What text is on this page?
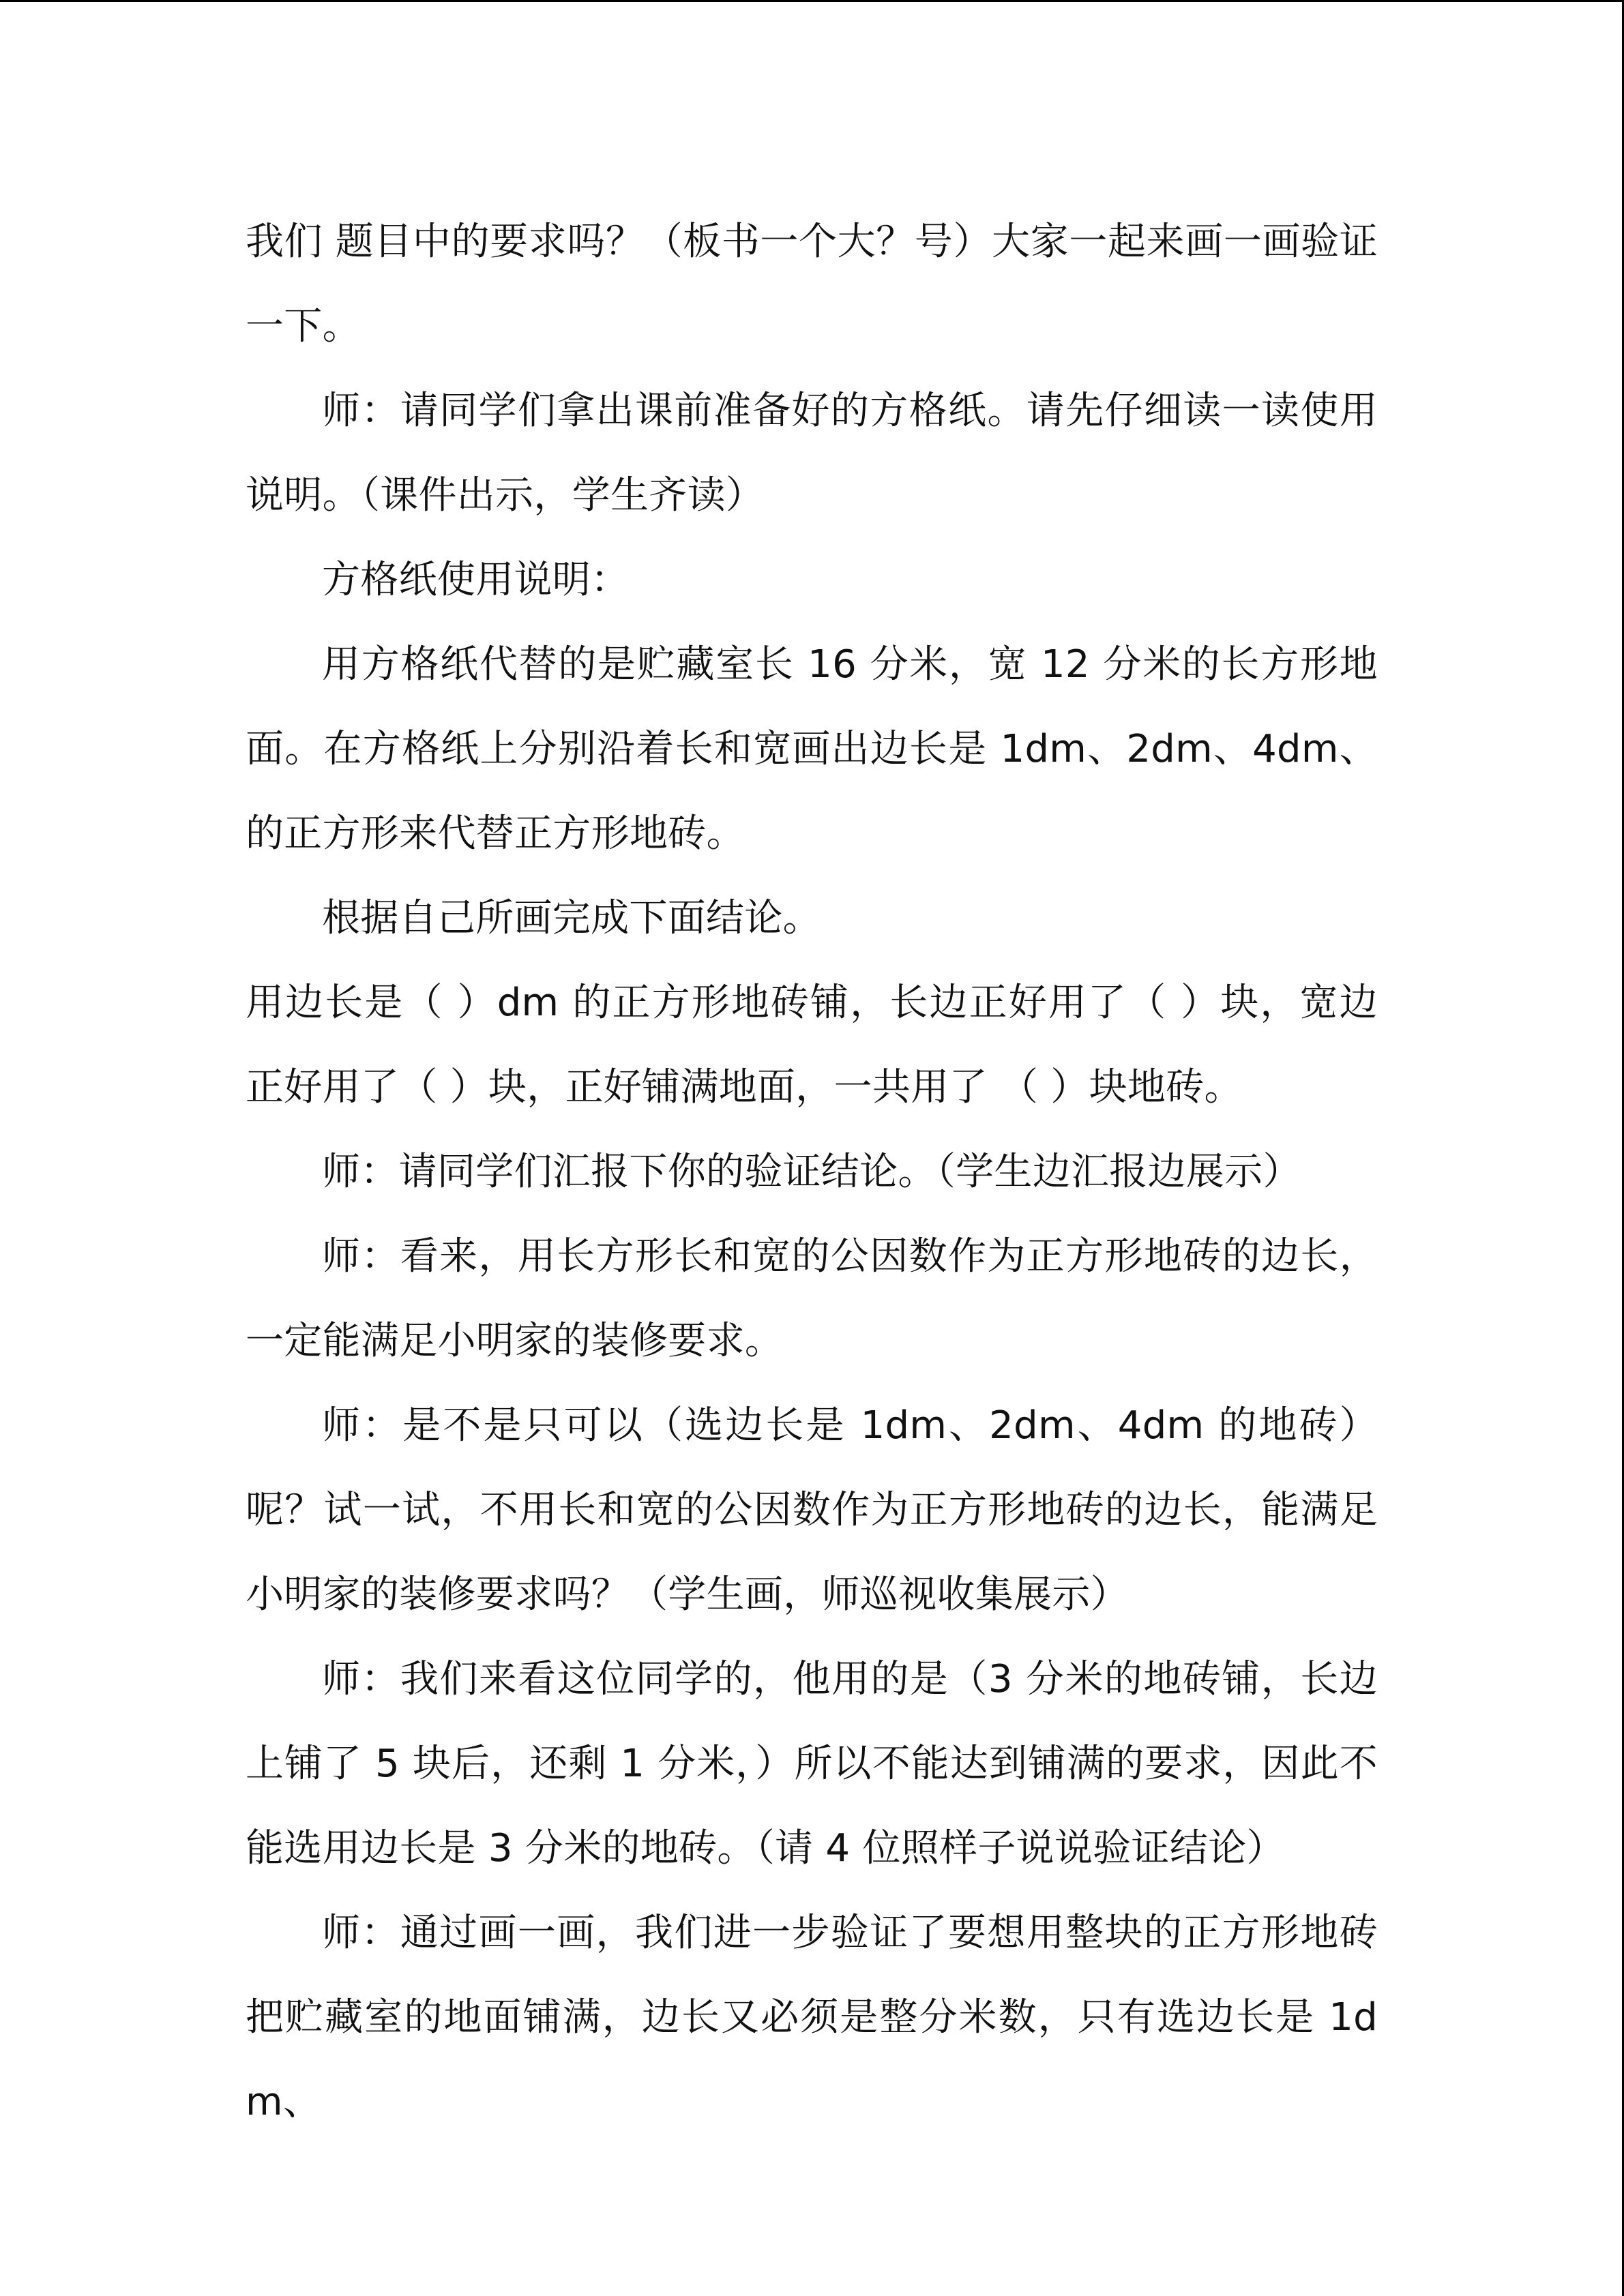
我们 题目中的要求吗？（板书一个大？号）大家一起来画一画验证一下。

师：请同学们拿出课前准备好的方格纸。请先仔细读一读使用说明。（课件出示，学生齐读）

方格纸使用说明：

用方格纸代替的是贮藏室长 16 分米，宽 12 分米的长方形地面。在方格纸上分别沿着长和宽画出边长是 1dm、2dm、4dm、的正方形来代替正方形地砖。

根据自己所画完成下面结论。

用边长是（ ）dm 的正方形地砖铺，长边正好用了（ ）块，宽边正好用了（ ）块，正好铺满地面，一共用了 （ ）块地砖。

师：请同学们汇报下你的验证结论。（学生边汇报边展示）

师：看来，用长方形长和宽的公因数作为正方形地砖的边长，一定能满足小明家的装修要求。

师：是不是只可以（选边长是 1dm、2dm、4dm 的地砖）呢？试一试，不用长和宽的公因数作为正方形地砖的边长，能满足小明家的装修要求吗？（学生画，师巡视收集展示）

师：我们来看这位同学的，他用的是（3 分米的地砖铺，长边上铺了 5 块后，还剩 1 分米，）所以不能达到铺满的要求，因此不能选用边长是 3 分米的地砖。（请 4 位照样子说说验证结论）

师：通过画一画，我们进一步验证了要想用整块的正方形地砖把贮藏室的地面铺满，边长又必须是整分米数，只有选边长是 1dm、
